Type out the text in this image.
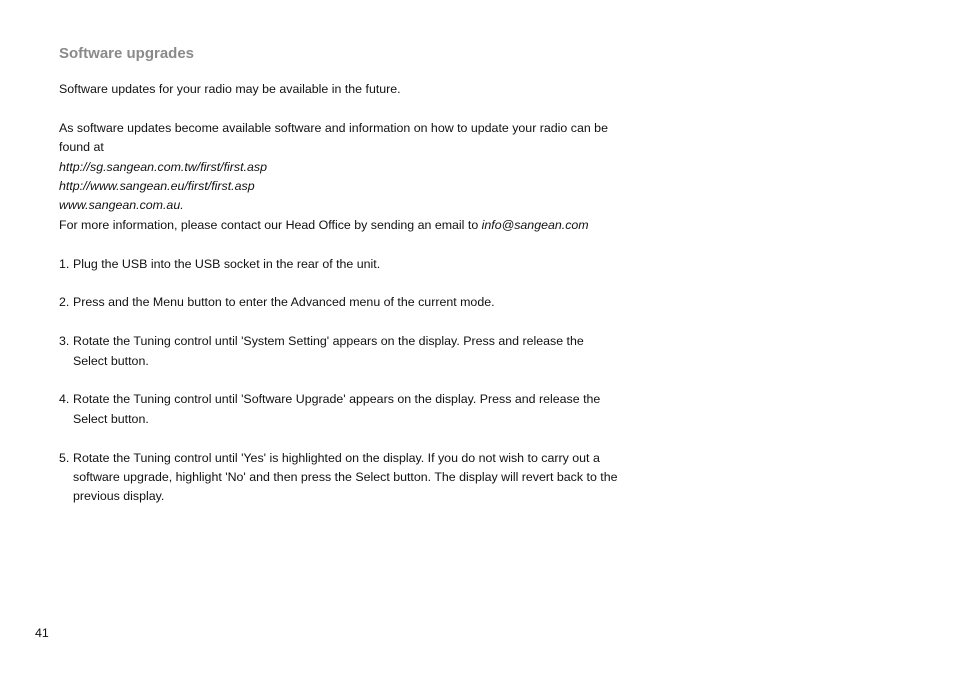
Software upgrades

Software updates for your radio may be available in the future.

As software updates become available software and information on how to update your radio can be found at

http://sg.sangean.com.tw/first/first.asp
http://www.sangean.eu/first/first.asp
www.sangean.com.au.

For more information, please contact our Head Office by sending an email to info@sangean.com

1. Plug the USB into the USB socket in the rear of the unit.
2. Press and the Menu button to enter the Advanced menu of the current mode.
3. Rotate the Tuning control until 'System Setting' appears on the display. Press and release the Select button.
4. Rotate the Tuning control until 'Software Upgrade' appears on the display. Press and release the Select button.
5. Rotate the Tuning control until 'Yes' is highlighted on the display. If you do not wish to carry out a software upgrade, highlight 'No' and then press the Select button. The display will revert back to the previous display.
41
